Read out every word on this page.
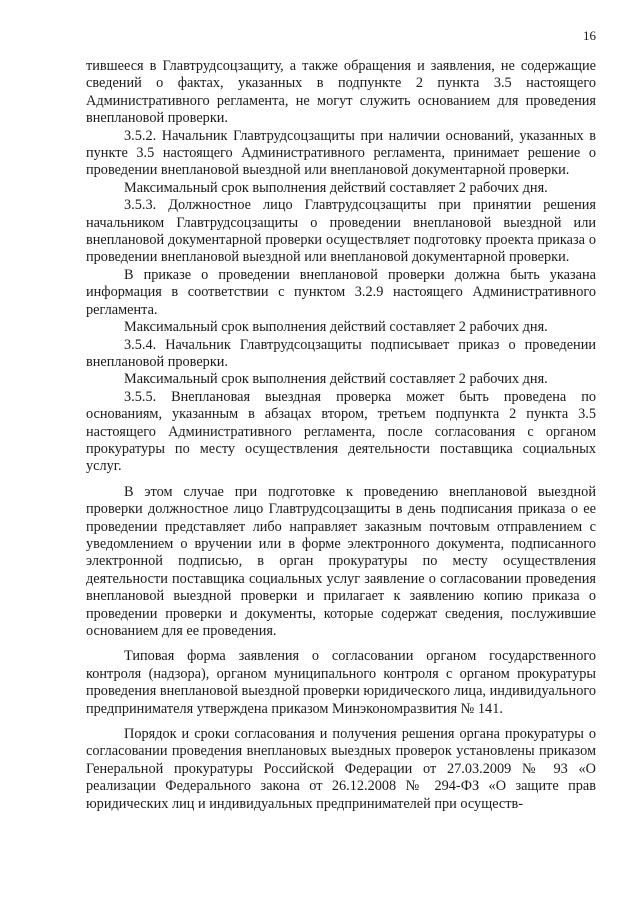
16

тившееся в Главтрудсоцзащиту, а также обращения и заявления, не содержащие сведений о фактах, указанных в подпункте 2 пункта 3.5 настоящего Административного регламента, не могут служить основанием для проведения внеплановой проверки.

3.5.2. Начальник Главтрудсоцзащиты при наличии оснований, указанных в пункте 3.5 настоящего Административного регламента, принимает решение о проведении внеплановой выездной или внеплановой документарной проверки.

Максимальный срок выполнения действий составляет 2 рабочих дня.

3.5.3. Должностное лицо Главтрудсоцзащиты при принятии решения начальником Главтрудсоцзащиты о проведении внеплановой выездной или внеплановой документарной проверки осуществляет подготовку проекта приказа о проведении внеплановой выездной или внеплановой документарной проверки.

В приказе о проведении внеплановой проверки должна быть указана информация в соответствии с пунктом 3.2.9 настоящего Административного регламента.

Максимальный срок выполнения действий составляет 2 рабочих дня.

3.5.4. Начальник Главтрудсоцзащиты подписывает приказ о проведении внеплановой проверки.

Максимальный срок выполнения действий составляет 2 рабочих дня.

3.5.5. Внеплановая выездная проверка может быть проведена по основаниям, указанным в абзацах втором, третьем подпункта 2 пункта 3.5 настоящего Административного регламента, после согласования с органом прокуратуры по месту осуществления деятельности поставщика социальных услуг.

В этом случае при подготовке к проведению внеплановой выездной проверки должностное лицо Главтрудсоцзащиты в день подписания приказа о ее проведении представляет либо направляет заказным почтовым отправлением с уведомлением о вручении или в форме электронного документа, подписанного электронной подписью, в орган прокуратуры по месту осуществления деятельности поставщика социальных услуг заявление о согласовании проведения внеплановой выездной проверки и прилагает к заявлению копию приказа о проведении проверки и документы, которые содержат сведения, послужившие основанием для ее проведения.

Типовая форма заявления о согласовании органом государственного контроля (надзора), органом муниципального контроля с органом прокуратуры проведения внеплановой выездной проверки юридического лица, индивидуального предпринимателя утверждена приказом Минэкономразвития № 141.

Порядок и сроки согласования и получения решения органа прокуратуры о согласовании проведения внеплановых выездных проверок установлены приказом Генеральной прокуратуры Российской Федерации от 27.03.2009 № 93 «О реализации Федерального закона от 26.12.2008 № 294-ФЗ «О защите прав юридических лиц и индивидуальных предпринимателей при осуществ-
